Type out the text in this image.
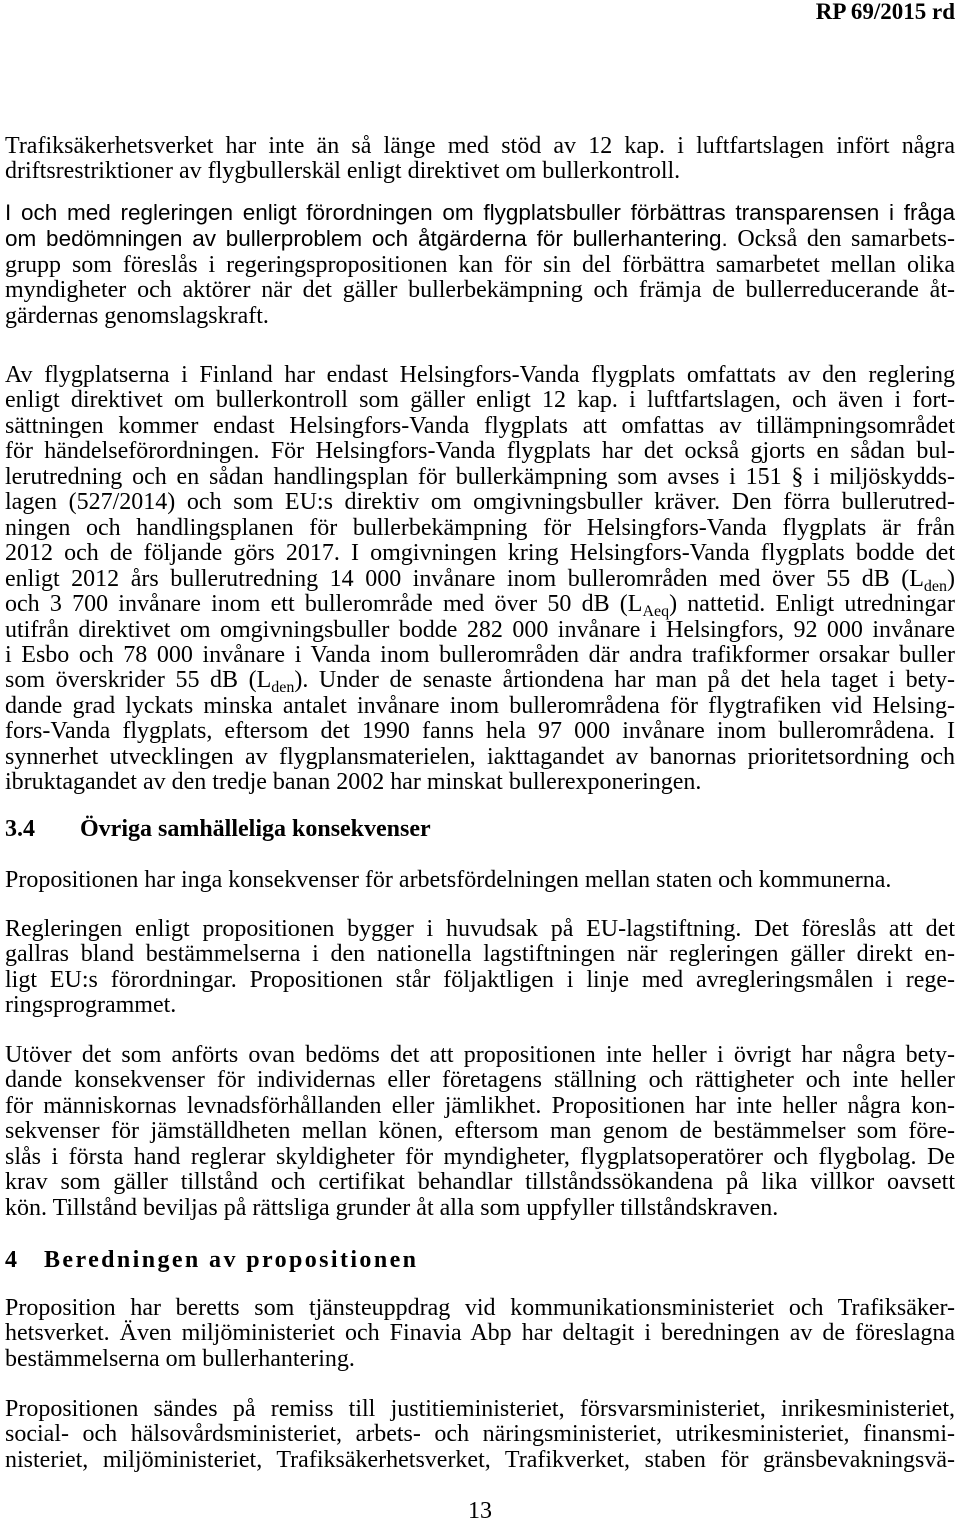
RP 69/2015 rd
Trafiksäkerhetsverket har inte än så länge med stöd av 12 kap. i luftfartslagen infört några
driftsrestriktioner av flygbullerskäl enligt direktivet om bullerkontroll.
I och med regleringen enligt förordningen om flygplatsbuller förbättras transparensen i fråga
om bedömningen av bullerproblem och åtgärderna för bullerhantering. Också den samarbets-
grupp som föreslås i regeringspropositionen kan för sin del förbättra samarbetet mellan olika
myndigheter och aktörer när det gäller bullerbekämpning och främja de bullerreducerande åt-
gärdernas genomslagskraft.
Av flygplatserna i Finland har endast Helsingfors-Vanda flygplats omfattats av den reglering
enligt direktivet om bullerkontroll som gäller enligt 12 kap. i luftfartslagen, och även i fort-
sättningen kommer endast Helsingfors-Vanda flygplats att omfattas av tillämpningsområdet
för händelseförordningen. För Helsingfors-Vanda flygplats har det också gjorts en sådan bul-
lerutredning och en sådan handlingsplan för bullerkämpning som avses i 151 § i miljöskydds-
lagen (527/2014) och som EU:s direktiv om omgivningsbuller kräver. Den förra bullerutred-
ningen och handlingsplanen för bullerbekämpning för Helsingfors-Vanda flygplats är från
2012 och de följande görs 2017. I omgivningen kring Helsingfors-Vanda flygplats bodde det
enligt 2012 års bullerutredning 14 000 invånare inom bullerområden med över 55 dB $(L_{den})$
och 3 700 invånare inom ett bullerområde med över 50 dB $(L_{Aeq})$ nattetid. Enligt utredningar
utifrån direktivet om omgivningsbuller bodde 282 000 invånare i Helsingfors, 92 000 invånare
i Esbo och 78 000 invånare i Vanda inom bullerområden där andra trafikformer orsakar buller
som överskrider 55 dB $(L_{den})$. Under de senaste årtiondena har man på det hela taget i bety-
dande grad lyckats minska antalet invånare inom bullerområdena för flygtrafiken vid Helsing-
fors-Vanda flygplats, eftersom det 1990 fanns hela 97 000 invånare inom bullerområdena. I
synnerhet utvecklingen av flygplansmaterielen, iakttagandet av banornas prioritetsordning och
ibruktagandet av den tredje banan 2002 har minskat bullerexponeringen.
3.4 Övriga samhälleliga konsekvenser
Propositionen har inga konsekvenser för arbetsfördelningen mellan staten och kommunerna.
Regleringen enligt propositionen bygger i huvudsak på EU-lagstiftning. Det föreslås att det
gallras bland bestämmelserna i den nationella lagstiftningen när regleringen gäller direkt en-
ligt EU:s förordningar. Propositionen står följaktligen i linje med avregleringsmålen i rege-
ringsprogrammet.
Utöver det som anförts ovan bedöms det att propositionen inte heller i övrigt har några bety-
dande konsekvenser för individernas eller företagens ställning och rättigheter och inte heller
för människornas levnadsförhållanden eller jämlikhet. Propositionen har inte heller några kon-
sekvenser för jämställdheten mellan könen, eftersom man genom de bestämmelser som före-
slås i första hand reglerar skyldigheter för myndigheter, flygplatsoperatörer och flygbolag. De
krav som gäller tillstånd och certifikat behandlar tillståndssökandena på lika villkor oavsett
kön. Tillstånd beviljas på rättsliga grunder åt alla som uppfyller tillståndskraven.
4 Beredningen av propositionen
Proposition har beretts som tjänsteuppdrag vid kommunikationsministeriet och Trafiksäker-
hetsverket. Även miljöministeriet och Finavia Abp har deltagit i beredningen av de föreslagna
bestämmelserna om bullerhantering.
Propositionen sändes på remiss till justitieministeriet, försvarsministeriet, inrikesministeriet,
social- och hälsovårdsministeriet, arbets- och näringsministeriet, utrikesministeriet, finansmi-
nisteriet, miljöministeriet, Trafiksäkerhetsverket, Trafikverket, staben för gränsbevakningsvä-
13
